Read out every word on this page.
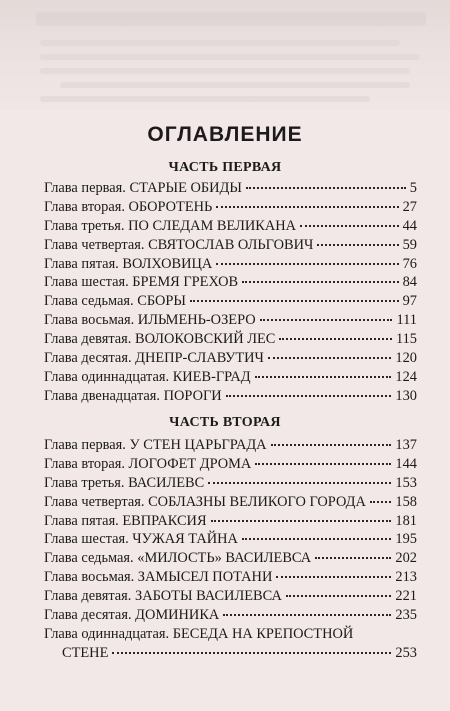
ОГЛАВЛЕНИЕ
ЧАСТЬ ПЕРВАЯ
Глава первая. СТАРЫЕ ОБИДЫ	5
Глава вторая. ОБОРОТЕНЬ	27
Глава третья. ПО СЛЕДАМ ВЕЛИКАНА	44
Глава четвертая. СВЯТОСЛАВ ОЛЬГОВИЧ	59
Глава пятая. ВОЛХОВИЦА	76
Глава шестая. БРЕМЯ ГРЕХОВ	84
Глава седьмая. СБОРЫ	97
Глава восьмая. ИЛЬМЕНЬ-ОЗЕРО	111
Глава девятая. ВОЛОКОВСКИЙ ЛЕС	115
Глава десятая. ДНЕПР-СЛАВУТИЧ	120
Глава одиннадцатая. КИЕВ-ГРАД	124
Глава двенадцатая. ПОРОГИ	130
ЧАСТЬ ВТОРАЯ
Глава первая. У СТЕН ЦАРЬГРАДА	137
Глава вторая. ЛОГОФЕТ ДРОМА	144
Глава третья. ВАСИЛЕВС	153
Глава четвертая. СОБЛАЗНЫ ВЕЛИКОГО ГОРОДА 158
Глава пятая. ЕВПРАКСИЯ	181
Глава шестая. ЧУЖАЯ ТАЙНА	195
Глава седьмая. «МИЛОСТЬ» ВАСИЛЕВСА	202
Глава восьмая. ЗАМЫСЕЛ ПОТАНИ	213
Глава девятая. ЗАБОТЫ ВАСИЛЕВСА	221
Глава десятая. ДОМИНИКА	235
Глава одиннадцатая. БЕСЕДА НА КРЕПОСТНОЙ
СТЕНЕ	253
